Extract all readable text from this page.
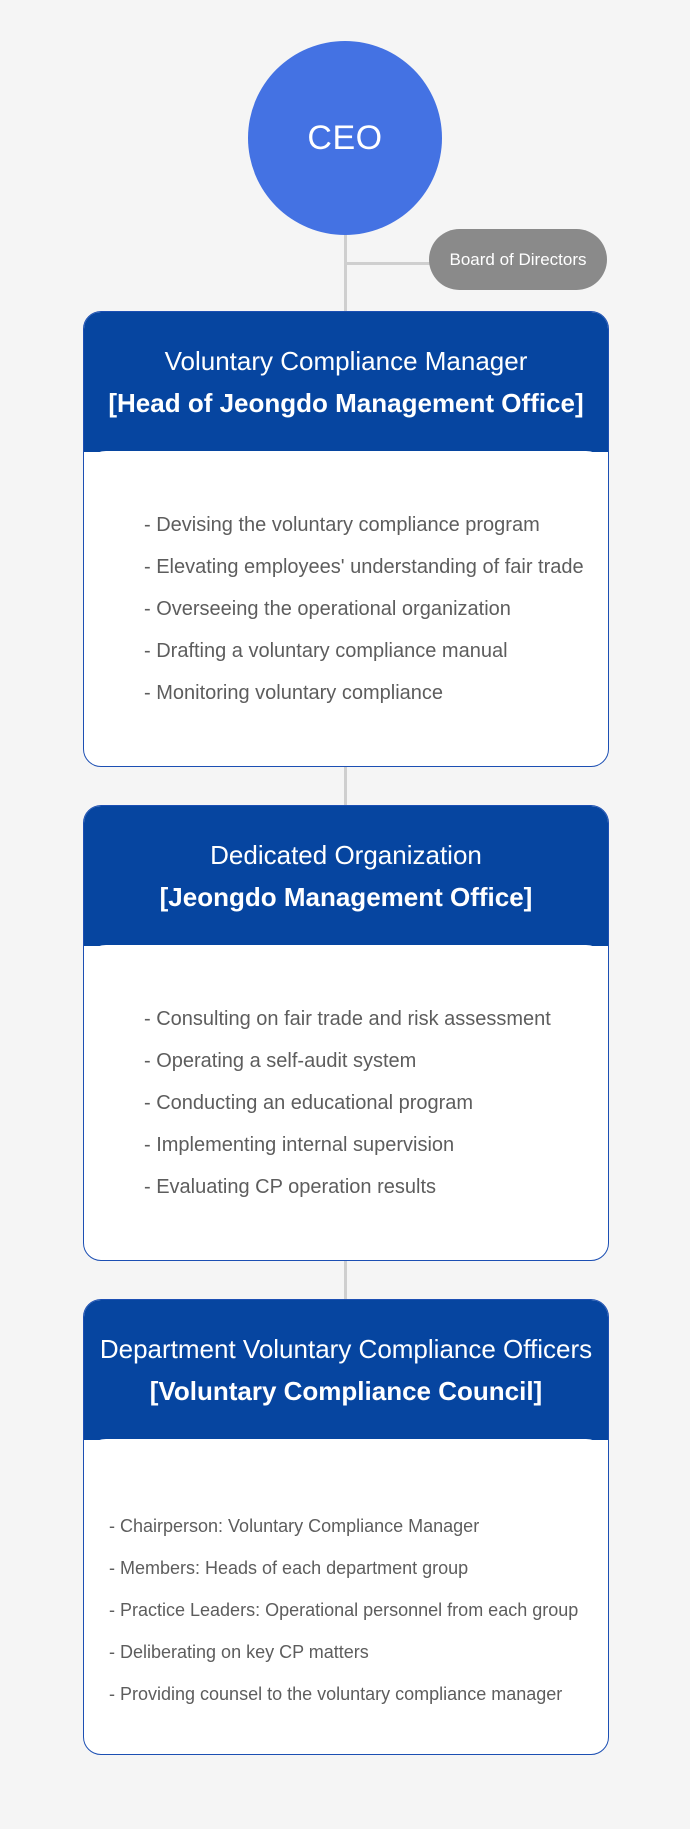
CEO
Board of Directors
Voluntary Compliance Manager
[Head of Jeongdo Management Office]
- Devising the voluntary compliance program
- Elevating employees' understanding of fair trade
- Overseeing the operational organization
- Drafting a voluntary compliance manual
- Monitoring voluntary compliance
Dedicated Organization
[Jeongdo Management Office]
- Consulting on fair trade and risk assessment
- Operating a self-audit system
- Conducting an educational program
- Implementing internal supervision
- Evaluating CP operation results
Department Voluntary Compliance Officers
[Voluntary Compliance Council]
- Chairperson: Voluntary Compliance Manager
- Members: Heads of each department group
- Practice Leaders: Operational personnel from each group
- Deliberating on key CP matters
- Providing counsel to the voluntary compliance manager
